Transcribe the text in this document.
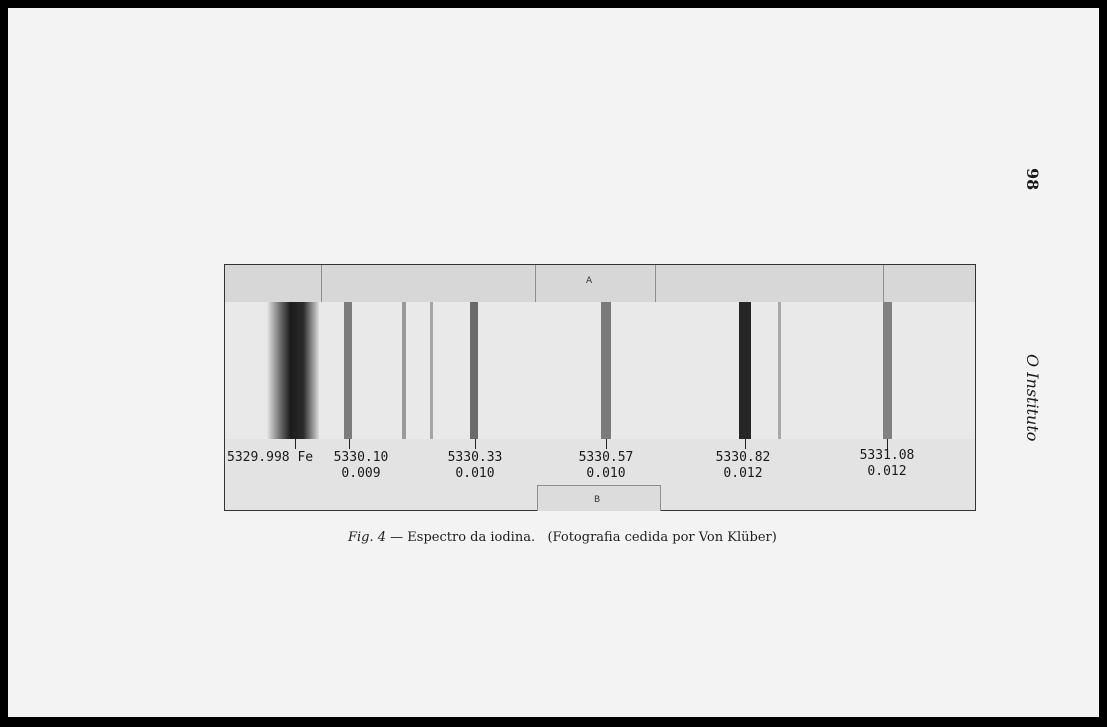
A
5329.998 Fe	5330.10
0.009
5330.33
0.010
5330.57
0.010
5330.82
0.012
5331.08
0.012
B
Fig. 4 — Espectro da iodina.   (Fotografia cedida por Von Klüber)
98
O Instituto
